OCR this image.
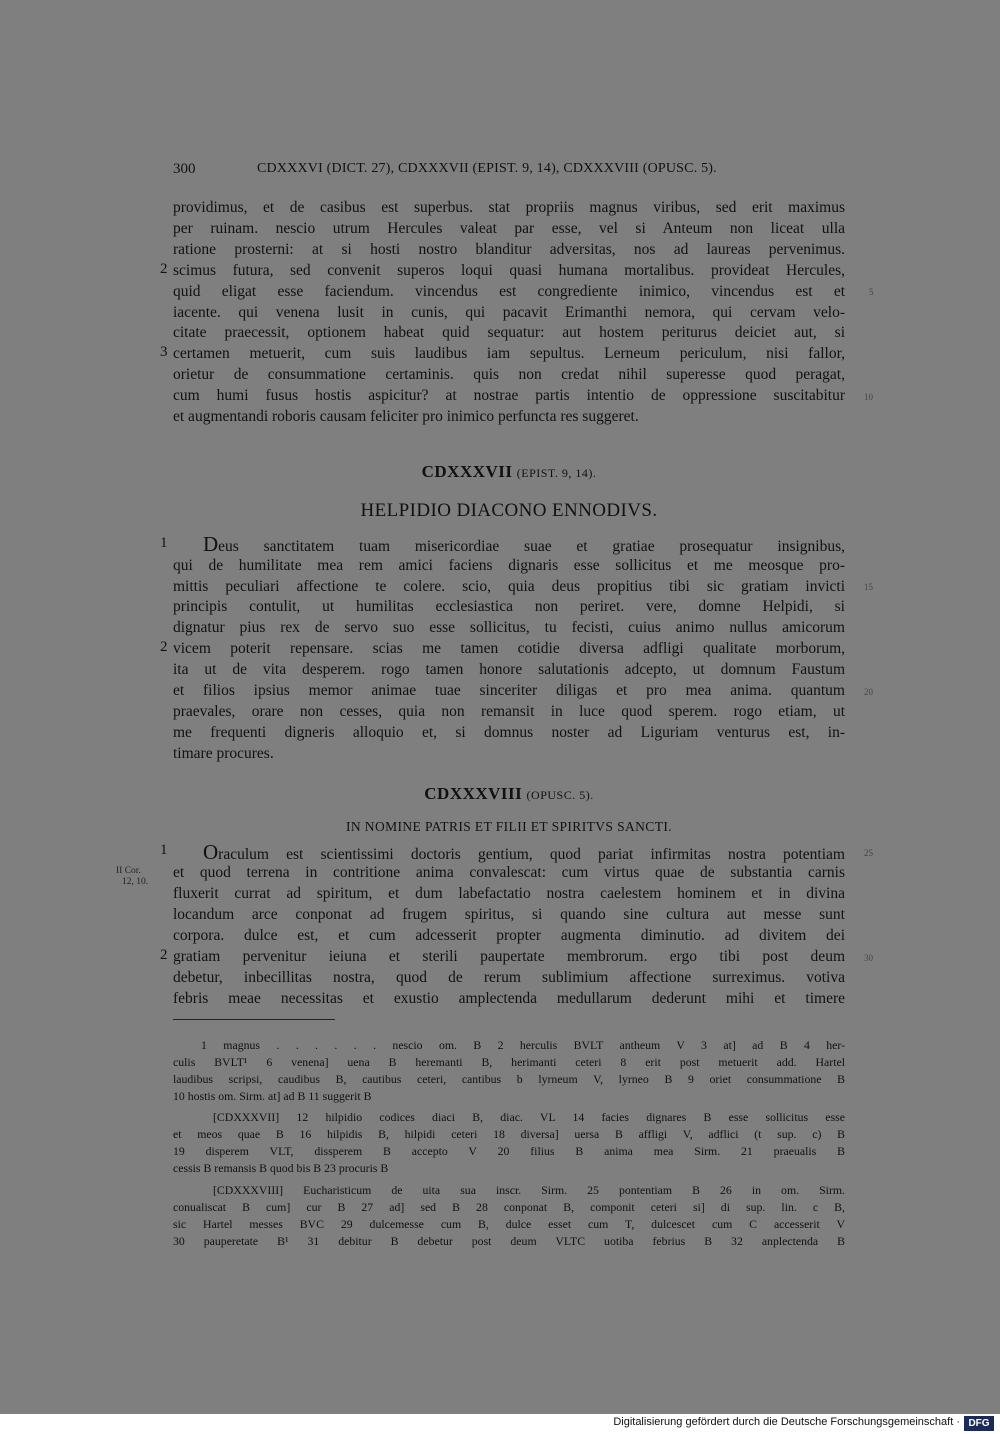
300	CDXXXVI (DICT. 27), CDXXXVII (EPIST. 9, 14), CDXXXVIII (OPUSC. 5).
providimus, et de casibus est superbus. stat propriis magnus viribus, sed erit maximus
per ruinam. nescio utrum Hercules valeat par esse, vel si Anteum non liceat ulla
ratione prosterni: at si hosti nostro blanditur adversitas, nos ad laureas pervenimus.
scimus futura, sed convenit superos loqui quasi humana mortalibus. provideat Hercules,
quid eligat esse faciendum. vincendus est congrediente inimico, vincendus est et
iacente. qui venena lusit in cunis, qui pacavit Erimanthi nemora, qui cervam velo-
citate praecessit, optionem habeat quid sequatur: aut hostem periturus deiciet aut, si
certamen metuerit, cum suis laudibus iam sepultus. Lerneum periculum, nisi fallor,
orietur de consummatione certaminis. quis non credat nihil superesse quod peragat,
cum humi fusus hostis aspicitur? at nostrae partis intentio de oppressione suscitabitur
et augmentandi roboris causam feliciter pro inimico perfuncta res suggeret.
2
3
5
10
CDXXXVII (EPIST. 9, 14).
HELPIDIO DIACONO ENNODIVS.
Deus sanctitatem tuam misericordiae suae et gratiae prosequatur insignibus,
qui de humilitate mea rem amici faciens dignaris esse sollicitus et me meosque pro-
mittis peculiari affectione te colere. scio, quia deus propitius tibi sic gratiam invicti
principis contulit, ut humilitas ecclesiastica non periret. vere, domne Helpidi, si
dignatur pius rex de servo suo esse sollicitus, tu fecisti, cuius animo nullus amicorum
vicem poterit repensare. scias me tamen cotidie diversa adfligi qualitate morborum,
ita ut de vita desperem. rogo tamen honore salutationis adcepto, ut domnum Faustum
et filios ipsius memor animae tuae sinceriter diligas et pro mea anima. quantum
praevales, orare non cesses, quia non remansit in luce quod sperem. rogo etiam, ut
me frequenti digneris alloquio et, si domnus noster ad Liguriam venturus est, in-
timare procures.
1
2
15
20
CDXXXVIII (OPUSC. 5).
IN NOMINE PATRIS ET FILII ET SPIRITVS SANCTI.
Oraculum est scientissimi doctoris gentium, quod pariat infirmitas nostra potentiam
et quod terrena in contritione anima convalescat: cum virtus quae de substantia carnis
fluxerit currat ad spiritum, et dum labefactatio nostra caelestem hominem et in divina
locandum arce conponat ad frugem spiritus, si quando sine cultura aut messe sunt
corpora. dulce est, et cum adcesserit propter augmenta diminutio. ad divitem dei
gratiam pervenitur ieiuna et sterili paupertate membrorum. ergo tibi post deum
debetur, inbecillitas nostra, quod de rerum sublimium affectione surreximus. votiva
febris meae necessitas et exustio amplectenda medullarum dederunt mihi et timere
1
2
II Cor.
12, 10.
25
30
1 magnus . . . . . . nescio om. B 2 herculis BVLT antheum V 3 at] ad B 4 her-
culis BVLT¹ 6 venena] uena B heremanti B, herimanti ceteri 8 erit post metuerit add. Hartel
laudibus scripsi, caudibus B, cautibus ceteri, cantibus b lyrneum V, lyrneo B 9 oriet consummatione B
10 hostis om. Sirm. at] ad B 11 suggerit B
[CDXXXVII] 12 hilpidio codices diaci B, diac. VL 14 facies dignares B esse sollicitus esse
et meos quae B 16 hilpidis B, hilpidi ceteri 18 diversa] uersa B affligi V, adflici (t sup. c) B
19 disperem VLT, dissperem B accepto V 20 filius B anima mea Sirm. 21 praeualis B
cessis B remansis B quod bis B 23 procuris B
[CDXXXVIII] Eucharisticum de uita sua inscr. Sirm. 25 pontentiam B 26 in om. Sirm.
conualiscat B cum] cur B 27 ad] sed B 28 conponat B, componit ceteri si] di sup. lin. c B,
sic Hartel messes BVC 29 dulcemesse cum B, dulce esset cum T, dulcescet cum C accesserit V
30 pauperetate B¹ 31 debitur B debetur post deum VLTC uotiba febrius B 32 anplectenda B
Digitalisierung gefördert durch die Deutsche Forschungsgemeinschaft · DFG
